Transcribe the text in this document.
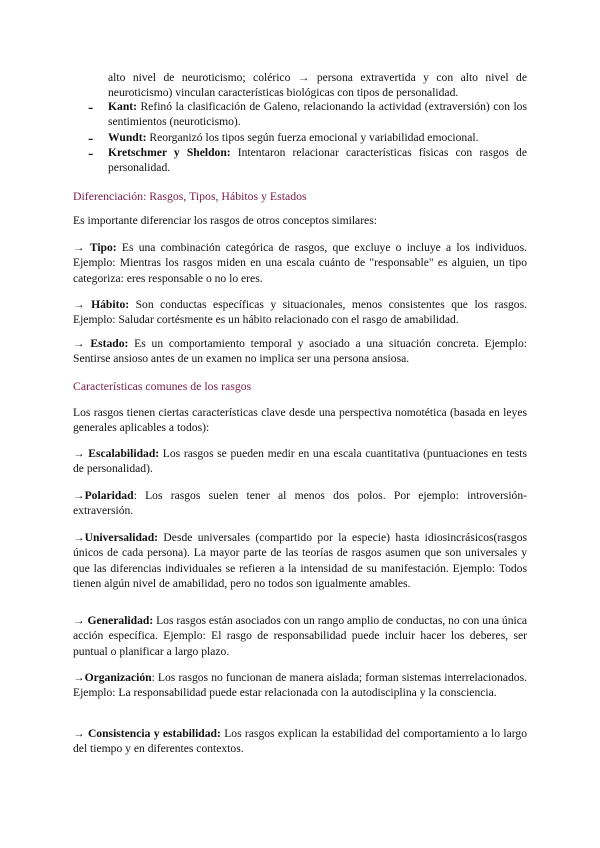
alto nivel de neuroticismo; colérico → persona extravertida y con alto nivel de neuroticismo) vinculan características biológicas con tipos de personalidad.

-	Kant: Refinó la clasificación de Galeno, relacionando la actividad (extraversión) con los sentimientos (neuroticismo).

-	Wundt: Reorganizó los tipos según fuerza emocional y variabilidad emocional.

-	Kretschmer y Sheldon: Intentaron relacionar características físicas con rasgos de personalidad.

Diferenciación: Rasgos, Tipos, Hábitos y Estados

Es importante diferenciar los rasgos de otros conceptos similares:

→ Tipo: Es una combinación categórica de rasgos, que excluye o incluye a los individuos. Ejemplo: Mientras los rasgos miden en una escala cuánto de "responsable" es alguien, un tipo categoriza: eres responsable o no lo eres.

→ Hábito: Son conductas específicas y situacionales, menos consistentes que los rasgos. Ejemplo: Saludar cortésmente es un hábito relacionado con el rasgo de amabilidad.

→ Estado: Es un comportamiento temporal y asociado a una situación concreta. Ejemplo: Sentirse ansioso antes de un examen no implica ser una persona ansiosa.

Características comunes de los rasgos

Los rasgos tienen ciertas características clave desde una perspectiva nomotética (basada en leyes generales aplicables a todos):

→ Escalabilidad: Los rasgos se pueden medir en una escala cuantitativa (puntuaciones en tests de personalidad).

→Polaridad: Los rasgos suelen tener al menos dos polos. Por ejemplo: introversión-extraversión.

→Universalidad: Desde universales (compartido por la especie) hasta idiosincrásicos(rasgos únicos de cada persona). La mayor parte de las teorías de rasgos asumen que son universales y que las diferencias individuales se refieren a la intensidad de su manifestación. Ejemplo: Todos tienen algún nivel de amabilidad, pero no todos son igualmente amables.

→ Generalidad: Los rasgos están asociados con un rango amplio de conductas, no con una única acción específica. Ejemplo: El rasgo de responsabilidad puede incluir hacer los deberes, ser puntual o planificar a largo plazo.

→Organización: Los rasgos no funcionan de manera aislada; forman sistemas interrelacionados. Ejemplo: La responsabilidad puede estar relacionada con la autodisciplina y la consciencia.

→ Consistencia y estabilidad: Los rasgos explican la estabilidad del comportamiento a lo largo del tiempo y en diferentes contextos.
